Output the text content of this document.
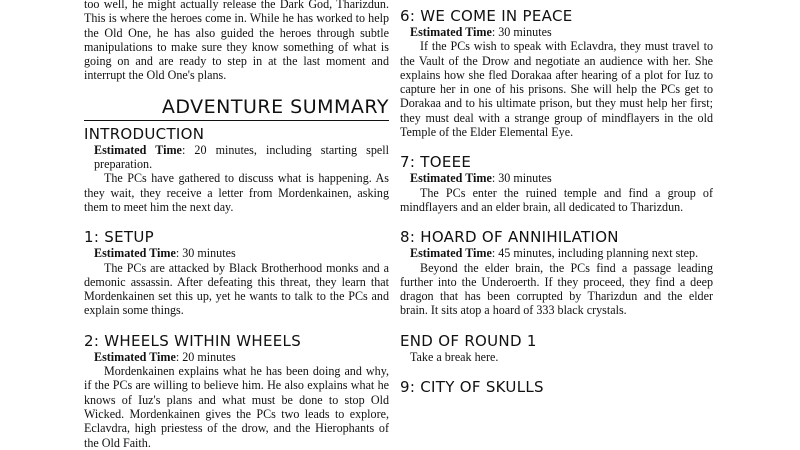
too well, he might actually release the Dark God, Tharizdun. This is where the heroes come in. While he has worked to help the Old One, he has also guided the heroes through subtle manipulations to make sure they know something of what is going on and are ready to step in at the last moment and interrupt the Old One's plans.

ADVENTURE SUMMARY
INTRODUCTION

Estimated Time: 20 minutes, including starting spell preparation.

The PCs have gathered to discuss what is happening. As they wait, they receive a letter from Mordenkainen, asking them to meet him the next day.

1: SETUP

Estimated Time: 30 minutes

The PCs are attacked by Black Brotherhood monks and a demonic assassin. After defeating this threat, they learn that Mordenkainen set this up, yet he wants to talk to the PCs and explain some things.

2: WHEELS WITHIN WHEELS

Estimated Time: 20 minutes

Mordenkainen explains what he has been doing and why, if the PCs are willing to believe him. He also explains what he knows of Iuz's plans and what must be done to stop Old Wicked. Mordenkainen gives the PCs two leads to explore, Eclavdra, high priestess of the drow, and the Hierophants of the Old Faith.

6: WE COME IN PEACE

Estimated Time: 30 minutes

If the PCs wish to speak with Eclavdra, they must travel to the Vault of the Drow and negotiate an audience with her. She explains how she fled Dorakaa after hearing of a plot for Iuz to capture her in one of his prisons. She will help the PCs get to Dorakaa and to his ultimate prison, but they must help her first; they must deal with a strange group of mindflayers in the old Temple of the Elder Elemental Eye.

7: TOEEE

Estimated Time: 30 minutes

The PCs enter the ruined temple and find a group of mindflayers and an elder brain, all dedicated to Tharizdun.

8: HOARD OF ANNIHILATION

Estimated Time: 45 minutes, including planning next step.

Beyond the elder brain, the PCs find a passage leading further into the Underoerth. If they proceed, they find a deep dragon that has been corrupted by Tharizdun and the elder brain. It sits atop a hoard of 333 black crystals.

END OF ROUND 1

Take a break here.

9: CITY OF SKULLS
